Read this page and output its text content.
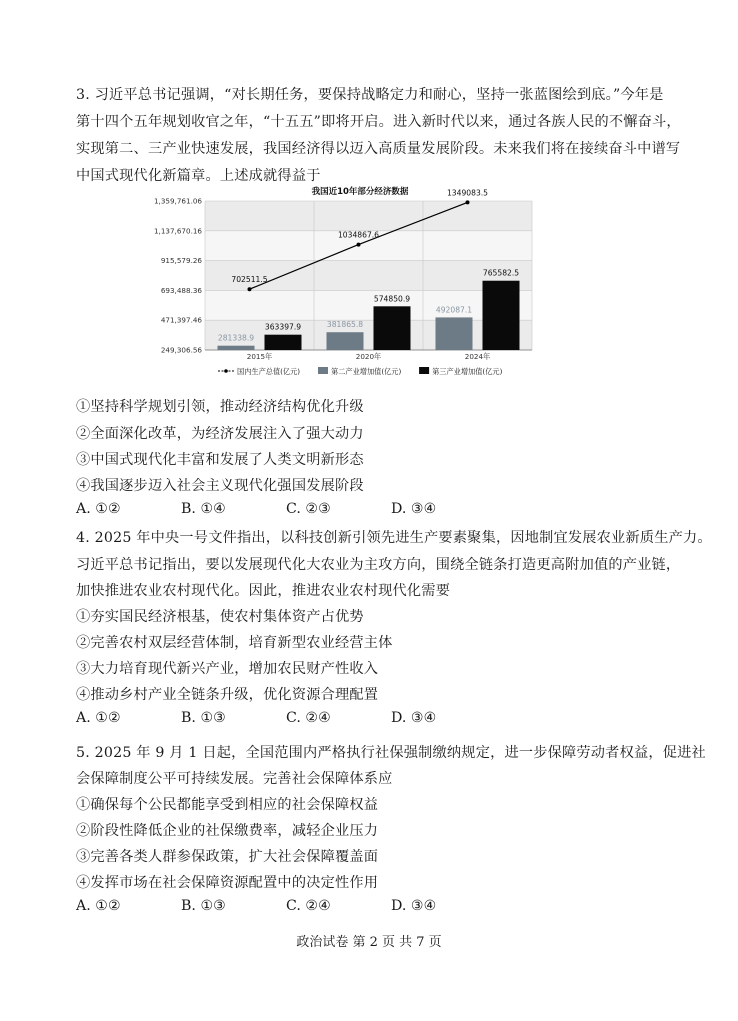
3. 习近平总书记强调，“对长期任务，要保持战略定力和耐心，坚持一张蓝图绘到底。”今年是
第十四个五年规划收官之年，“十五五”即将开启。进入新时代以来，通过各族人民的不懈奋斗，
实现第二、三产业快速发展，我国经济得以迈入高质量发展阶段。未来我们将在接续奋斗中谱写
中国式现代化新篇章。上述成就得益于
我国近10年部分经济数据
1,359,761.06
1,137,670.16
915,579.26
693,488.36
471,397.46
249,306.56
281338.9
363397.9	381865.8
574850.9
492087.1
765582.5
702511.5
1034867.6
1349083.5
2015年	2020年	2024年
国内生产总值(亿元)	第二产业增加值(亿元)	第三产业增加值(亿元)
①坚持科学规划引领，推动经济结构优化升级
②全面深化改革，为经济发展注入了强大动力
③中国式现代化丰富和发展了人类文明新形态
④我国逐步迈入社会主义现代化强国发展阶段
A. ①②	B. ①④	C. ②③	D. ③④
4. 2025 年中央一号文件指出，以科技创新引领先进生产要素聚集，因地制宜发展农业新质生产力。
习近平总书记指出，要以发展现代化大农业为主攻方向，围绕全链条打造更高附加值的产业链，
加快推进农业农村现代化。因此，推进农业农村现代化需要
①夯实国民经济根基，使农村集体资产占优势
②完善农村双层经营体制，培育新型农业经营主体
③大力培育现代新兴产业，增加农民财产性收入
④推动乡村产业全链条升级，优化资源合理配置
A. ①②	B. ①③	C. ②④	D. ③④
5. 2025 年 9 月 1 日起，全国范围内严格执行社保强制缴纳规定，进一步保障劳动者权益，促进社
会保障制度公平可持续发展。完善社会保障体系应
①确保每个公民都能享受到相应的社会保障权益
②阶段性降低企业的社保缴费率，减轻企业压力
③完善各类人群参保政策，扩大社会保障覆盖面
④发挥市场在社会保障资源配置中的决定性作用
A. ①②	B. ①③	C. ②④	D. ③④
政治试卷 第 2 页 共 7 页
